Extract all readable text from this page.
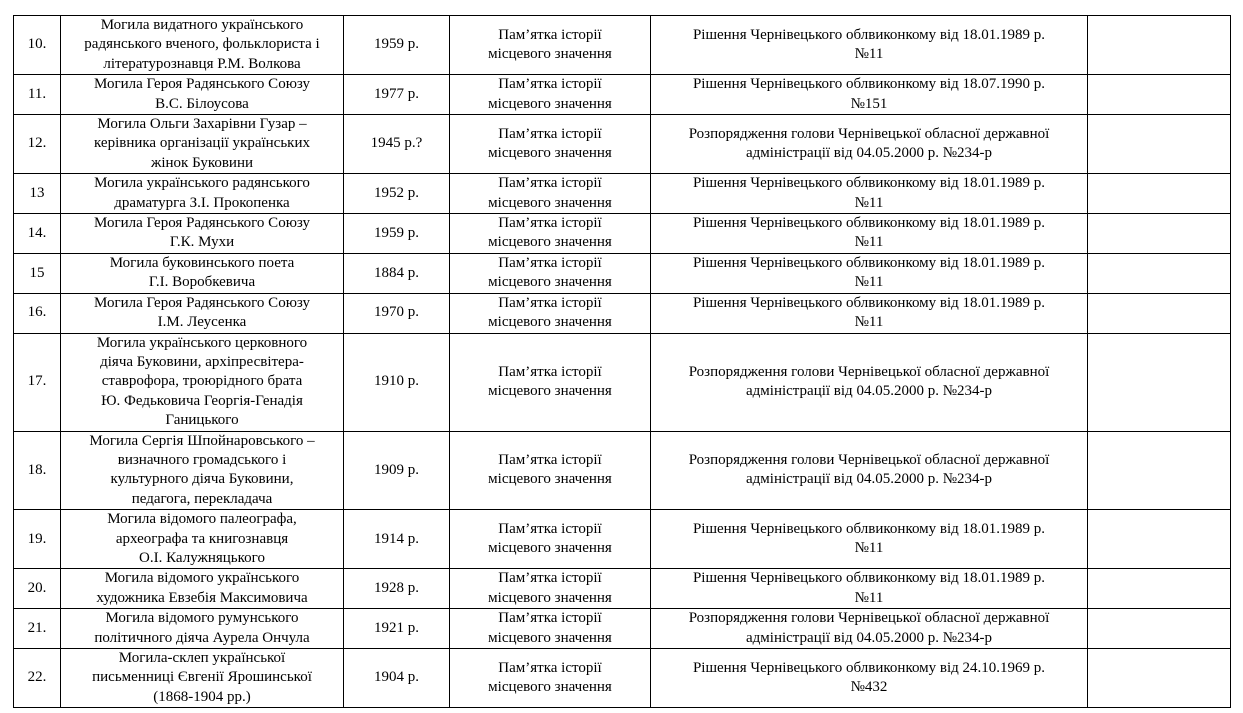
10.	Могила видатного українського
радянського вченого, фольклориста і
літературознавця Р.М. Волкова	1959 р.	Пам’ятка історії
місцевого значення	Рішення Чернівецького облвиконкому від 18.01.1989 р.
№11	
11.	Могила Героя Радянського Союзу
В.С. Білоусова	1977 р.	Пам’ятка історії
місцевого значення	Рішення Чернівецького облвиконкому від 18.07.1990 р.
№151	
12.	Могила Ольги Захарівни Гузар –
керівника організації українських
жінок Буковини	1945 р.?	Пам’ятка історії
місцевого значення	Розпорядження голови Чернівецької обласної державної
адміністрації від 04.05.2000 р. №234-р	
13	Могила українського радянського
драматурга З.І. Прокопенка	1952 р.	Пам’ятка історії
місцевого значення	Рішення Чернівецького облвиконкому від 18.01.1989 р.
№11	
14.	Могила Героя Радянського Союзу
Г.К. Мухи	1959 р.	Пам’ятка історії
місцевого значення	Рішення Чернівецького облвиконкому від 18.01.1989 р.
№11	
15	Могила буковинського поета
Г.І. Воробкевича	1884 р.	Пам’ятка історії
місцевого значення	Рішення Чернівецького облвиконкому від 18.01.1989 р.
№11	
16.	Могила Героя Радянського Союзу
І.М. Леусенка	1970 р.	Пам’ятка історії
місцевого значення	Рішення Чернівецького облвиконкому від 18.01.1989 р.
№11	
17.	Могила українського церковного
діяча Буковини, архіпресвітера-
ставрофора, троюрідного брата
Ю. Федьковича Георгія-Генадія
Ганицького	1910 р.	Пам’ятка історії
місцевого значення	Розпорядження голови Чернівецької обласної державної
адміністрації від 04.05.2000 р. №234-р	
18.	Могила Сергія Шпойнаровського –
визначного громадського і
культурного діяча Буковини,
педагога, перекладача	1909 р.	Пам’ятка історії
місцевого значення	Розпорядження голови Чернівецької обласної державної
адміністрації від 04.05.2000 р. №234-р	
19.	Могила відомого палеографа,
археографа та книгознавця
О.І. Калужняцького	1914 р.	Пам’ятка історії
місцевого значення	Рішення Чернівецького облвиконкому від 18.01.1989 р.
№11	
20.	Могила відомого українського
художника Евзебія Максимовича	1928 р.	Пам’ятка історії
місцевого значення	Рішення Чернівецького облвиконкому від 18.01.1989 р.
№11	
21.	Могила відомого румунського
політичного діяча Аурела Ончула	1921 р.	Пам’ятка історії
місцевого значення	Розпорядження голови Чернівецької обласної державної
адміністрації від 04.05.2000 р. №234-р	
22.	Могила-склеп української
письменниці Євгенії Ярошинської
(1868-1904 рр.)	1904 р.	Пам’ятка історії
місцевого значення	Рішення Чернівецького облвиконкому від 24.10.1969 р.
№432	
